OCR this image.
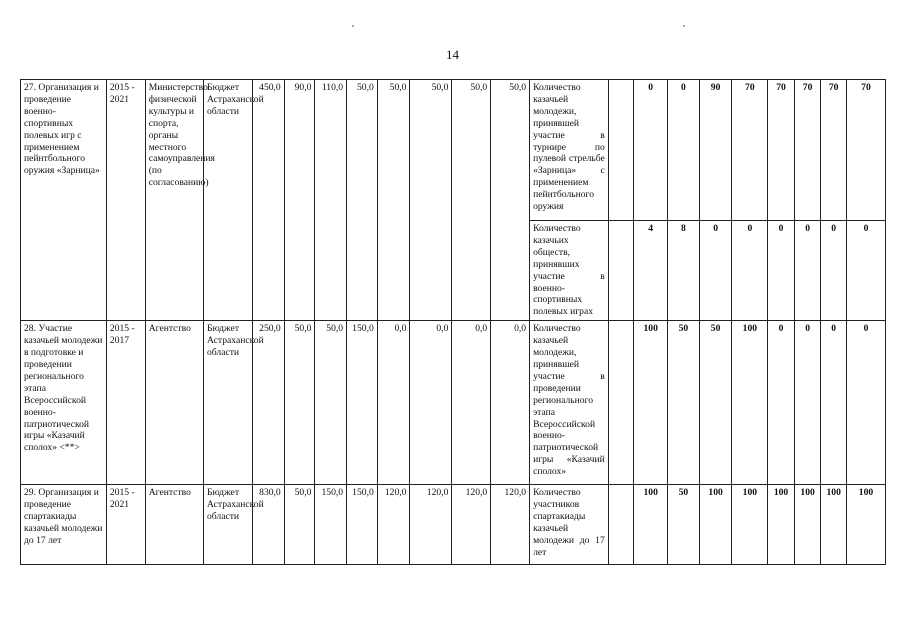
14
27. Организация и проведение военно-спортивных полевых игр с применением пейнтбольного оружия «Зарница»	2015 - 2021	Министерство физической культуры и спорта, органы местного самоуправления (по согласованию)	Бюджет Астраханской области	450,0	90,0	110,0	50,0	50,0	50,0	50,0	50,0	Количество казачьей молодежи, принявшей участие в турнире по пулевой стрельбе «Зарница» с применением пейнтбольного оружия		0	0	90	70	70	70	70	70
												Количество казачьих обществ, принявших участие в военно-спортивных полевых играх		4	8	0	0	0	0	0	0
28. Участие казачьей молодежи в подготовке и проведении регионального этапа Всероссийской военно-патриотической игры «Казачий сполох» <**>	2015 - 2017	Агентство	Бюджет Астраханской области	250,0	50,0	50,0	150,0	0,0	0,0	0,0	0,0	Количество казачьей молодежи, принявшей участие в проведении регионального этапа Всероссийской военно-патриотической игры «Казачий сполох»		100	50	50	100	0	0	0	0
29. Организация и проведение спартакиады казачьей молодежи до 17 лет	2015 - 2021	Агентство	Бюджет Астраханской области	830,0	50,0	150,0	150,0	120,0	120,0	120,0	120,0	Количество участников спартакиады казачьей молодежи до 17 лет		100	50	100	100	100	100	100	100
